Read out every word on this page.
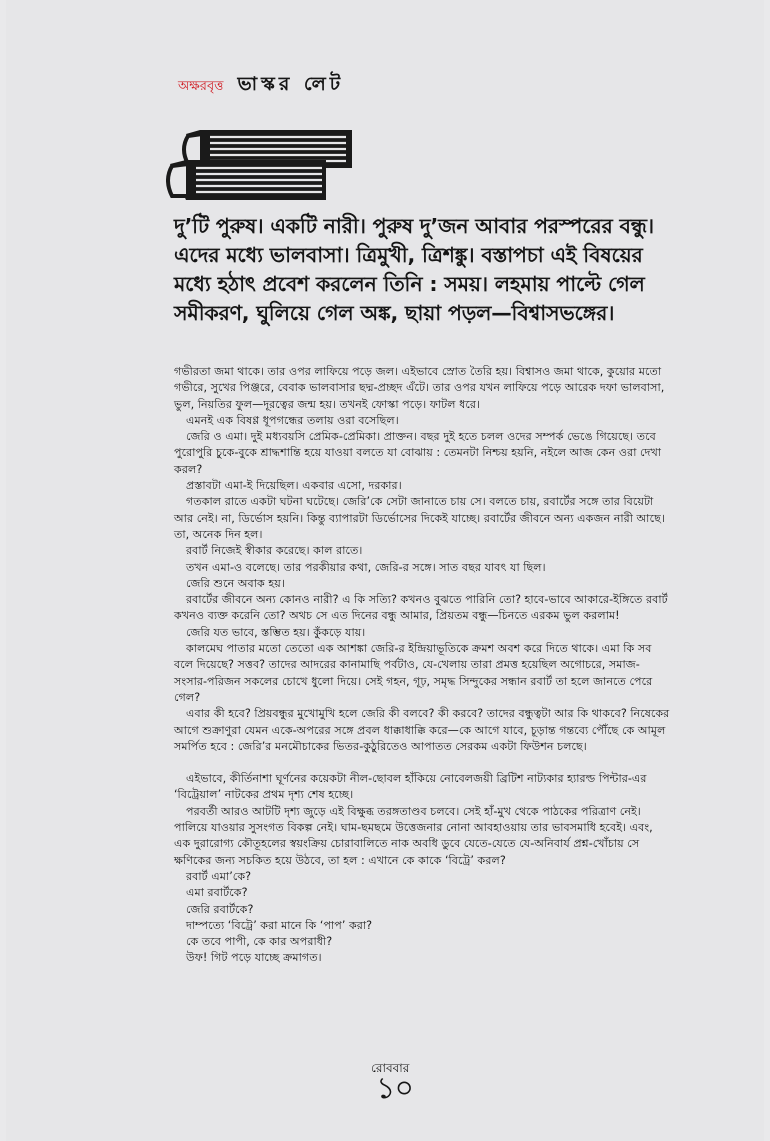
অক্ষরবৃত্ত ভাস্কর লেট

দু’টি পুরুষ। একটি নারী। পুরুষ দু’জন আবার পরস্পরের বন্ধু। এদের মধ্যে ভালবাসা। ত্রিমুখী, ত্রিশঙ্কু। বস্তাপচা এই বিষয়ের মধ্যে হঠাৎ প্রবেশ করলেন তিনি : সময়। লহমায় পাল্টে গেল সমীকরণ, ঘুলিয়ে গেল অঙ্ক, ছায়া পড়ল—বিশ্বাসভঙ্গের।

গভীরতা জমা থাকে। তার ওপর লাফিয়ে পড়ে জল। এইভাবে স্রোত তৈরি হয়। বিশ্বাসও জমা থাকে, কুয়োর মতো গভীরে, সুখের পিঞ্জরে, বেবাক ভালবাসার ছদ্ম-প্রচ্ছদ এঁটে। তার ওপর যখন লাফিয়ে পড়ে আরেক দফা ভালবাসা, ভুল, নিয়তির ফুল—দূরত্বের জন্ম হয়। তখনই ফোস্কা পড়ে। ফাটল ধরে।

এমনই এক বিষণ্ণ ধূপগন্ধের তলায় ওরা বসেছিল।

জেরি ও এমা। দুই মধ্যবয়সি প্রেমিক-প্রেমিকা। প্রাক্তন। বছর দুই হতে চলল ওদের সম্পর্ক ভেঙে গিয়েছে। তবে পুরোপুরি চুকে-বুকে শ্রাদ্ধশান্তি হয়ে যাওয়া বলতে যা বোঝায় : তেমনটা নিশ্চয় হয়নি, নইলে আজ কেন ওরা দেখা করল?

প্রস্তাবটা এমা-ই দিয়েছিল। একবার এসো, দরকার।

গতকাল রাতে একটা ঘটনা ঘটেছে। জেরি’কে সেটা জানাতে চায় সে। বলতে চায়, রবার্টের সঙ্গে তার বিয়েটা আর নেই। না, ডির্ভোস হয়নি। কিন্তু ব্যাপারটা ডির্ভোসের দিকেই যাচ্ছে। রবার্টের জীবনে অন্য একজন নারী আছে। তা, অনেক দিন হল।

রবার্ট নিজেই স্বীকার করেছে। কাল রাতে।

তখন এমা-ও বলেছে। তার পরকীয়ার কথা, জেরি-র সঙ্গে। সাত বছর যাবৎ যা ছিল।

জেরি শুনে অবাক হয়।

রবার্টের জীবনে অন্য কোনও নারী? এ কি সত্যি? কখনও বুঝতে পারিনি তো? হাবে-ভাবে আকারে-ইঙ্গিতে রবার্ট কখনও ব্যক্ত করেনি তো? অথচ সে এত দিনের বন্ধু আমার, প্রিয়তম বন্ধু—চিনতে এরকম ভুল করলাম!

জেরি যত ভাবে, স্তম্ভিত হয়। কুঁকড়ে যায়।

কালমেঘ পাতার মতো তেতো এক আশঙ্কা জেরি-র ইন্দ্রিয়াভূতিকে ক্রমশ অবশ করে দিতে থাকে। এমা কি সব বলে দিয়েছে? সত্তব? তাদের আদরের কানামাছি পর্বটাও, যে-খেলায় তারা প্রমত্ত হয়েছিল অগোচরে, সমাজ-সংসার-পরিজন সকলের চোখে ধুলো দিয়ে। সেই গহন, গূঢ়, সমৃদ্ধ সিন্দুকের সন্ধান রবার্ট তা হলে জানতে পেরে গেল?

এবার কী হবে? প্রিয়বন্ধুর মুখোমুখি হলে জেরি কী বলবে? কী করবে? তাদের বন্ধুত্বটা আর কি থাকবে? নিষেকের আগে শুক্রাণুরা যেমন একে-অপরের সঙ্গে প্রবল ধাক্কাধাক্কি করে—কে আগে যাবে, চূড়ান্ত গন্তব্যে পৌঁছে কে আমূল সমর্পিত হবে : জেরি’র মনমৌচাকের ভিতর-কুঠুরিতেও আপাতত সেরকম একটা ফিউশন চলছে।

এইভাবে, কীর্তিনাশা ঘূর্ণনের কয়েকটা নীল-ছোবল হাঁকিয়ে নোবেলজয়ী ব্রিটিশ নাট্যকার হ্যারল্ড পিন্টার-এর ‘বিট্রেয়াল’ নাটকের প্রথম দৃশ্য শেষ হচ্ছে।

পরবর্তী আরও আটটি দৃশ্য জুড়ে এই বিক্ষুব্ধ তরঙ্গতাণ্ডব চলবে। সেই হাঁ-মুখ থেকে পাঠকের পরিত্রাণ নেই। পালিয়ে যাওয়ার সুসংগত বিকল্প নেই। ঘাম-ছমছমে উত্তেজনার নোনা আবহাওয়ায় তার ভাবসমাধি হবেই। এবং, এক দুরারোগ্য কৌতূহলের স্বয়ংক্রিয় চোরাবালিতে নাক অবধি ডুবে যেতে-যেতে যে-অনিবার্য প্রশ্ন-খোঁচায় সে ক্ষণিকের জন্য সচকিত হয়ে উঠবে, তা হল : এখানে কে কাকে ‘বিট্রে’ করল?

রবার্ট এমা’কে?

এমা রবার্টকে?

জেরি রবার্টকে?

দাম্পত্যে ‘বিট্রে’ করা মানে কি ‘পাপ’ করা?

কে তবে পাপী, কে কার অপরাধী?

উফ! গিট পড়ে যাচ্ছে ক্রমাগত।

রোববার
১০
